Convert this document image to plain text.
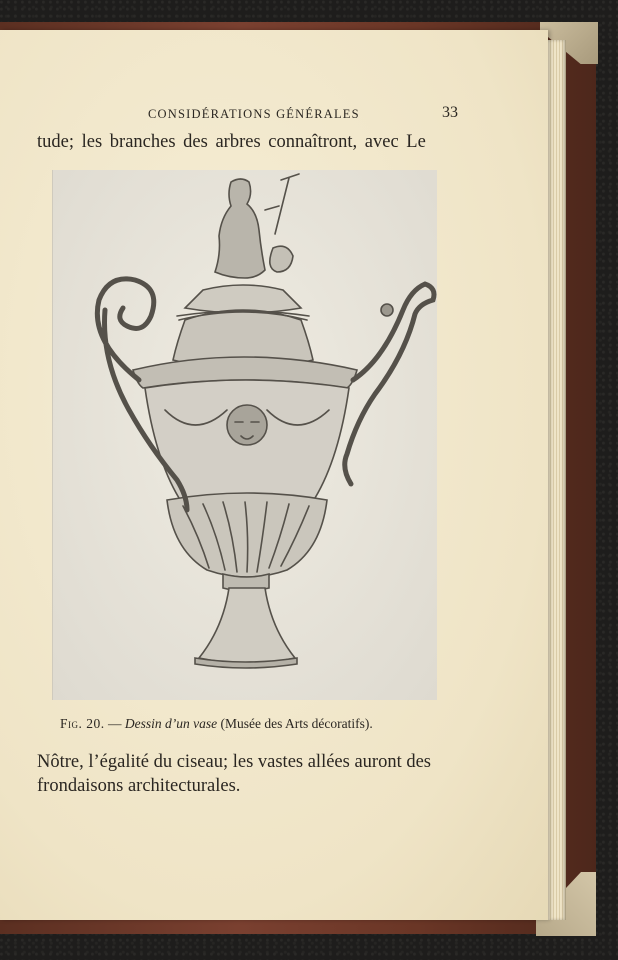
CONSIDÉRATIONS GÉNÉRALES	33
tude; les branches des arbres connaîtront, avec Le
Fig. 20. — Dessin d’un vase (Musée des Arts décoratifs).
Nôtre, l’égalité du ciseau; les vastes allées auront des
frondaisons architecturales.
